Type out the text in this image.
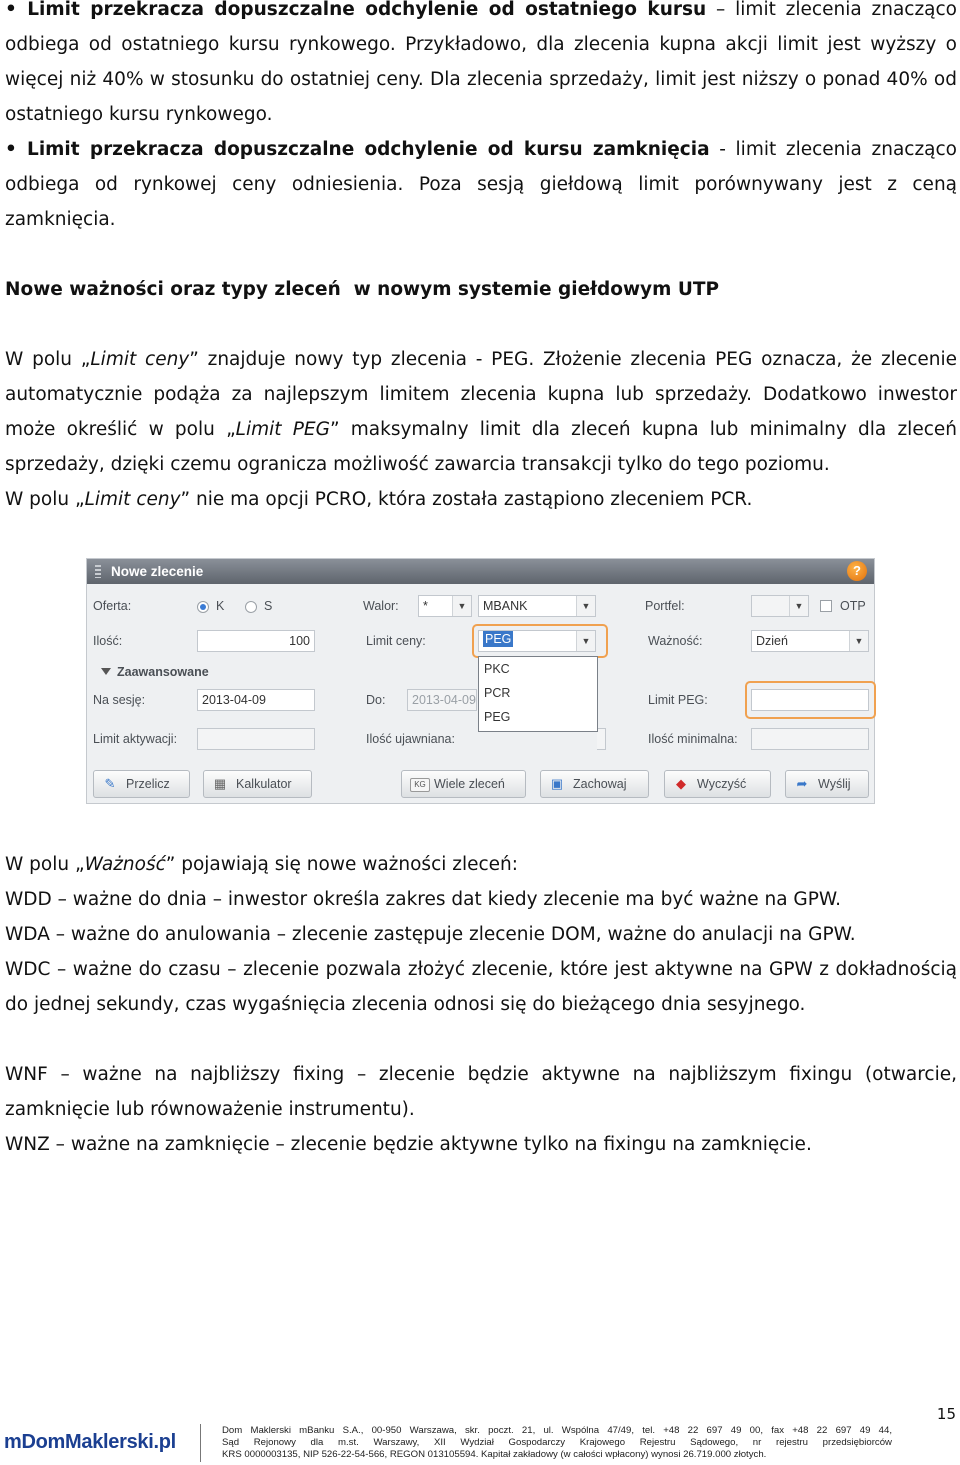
• Limit przekracza dopuszczalne odchylenie od ostatniego kursu – limit zlecenia znacząco odbiega od ostatniego kursu rynkowego. Przykładowo, dla zlecenia kupna akcji limit jest wyższy o więcej niż 40% w stosunku do ostatniej ceny. Dla zlecenia sprzedaży, limit jest niższy o ponad 40% od ostatniego kursu rynkowego.

• Limit przekracza dopuszczalne odchylenie od kursu zamknięcia - limit zlecenia znacząco odbiega od rynkowej ceny odniesienia. Poza sesją giełdową limit porównywany jest z ceną zamknięcia.

Nowe ważności oraz typy zleceń  w nowym systemie giełdowym UTP

W polu „Limit ceny” znajduje nowy typ zlecenia - PEG. Złożenie zlecenia PEG oznacza, że zlecenie automatycznie podąża za najlepszym limitem zlecenia kupna lub sprzedaży. Dodatkowo inwestor może określić w polu „Limit PEG” maksymalny limit dla zleceń kupna lub minimalny dla zleceń sprzedaży, dzięki czemu ogranicza możliwość zawarcia transakcji tylko do tego poziomu.

W polu „Limit ceny” nie ma opcji PCRO, która została zastąpiono zleceniem PCR.

W polu „Ważność” pojawiają się nowe ważności zleceń:

WDD – ważne do dnia – inwestor określa zakres dat kiedy zlecenie ma być ważne na GPW.

WDA – ważne do anulowania – zlecenie zastępuje zlecenie DOM, ważne do anulacji na GPW.

WDC – ważne do czasu – zlecenie pozwala złożyć zlecenie, które jest aktywne na GPW z dokładnością do jednej sekundy, czas wygaśnięcia zlecenia odnosi się do bieżącego dnia sesyjnego.

WNF – ważne na najbliższy fixing – zlecenie będzie aktywne na najbliższym fixingu (otwarcie, zamknięcie lub równoważenie instrumentu).

WNZ – ważne na zamknięcie – zlecenie będzie aktywne tylko na fixingu na zamknięcie.

Nowe zlecenie	?
Oferta:	K	S	Walor:	*	▼	MBANK	▼	Portfel:	▼	OTP
Ilość:	100	Limit ceny:	PEG	▼	Ważność:	Dzień	▼
Zaawansowane
Na sesję:	2013-04-09	Do:	2013-04-09	Limit PEG:
Limit aktywacji:	Ilość ujawniana:	Ilość minimalna:
PKC
PCR
PEG
✎ Przelicz	▦ Kalkulator	KG Wiele zleceń	▣ Zachowaj	◆ Wyczyść	➦ Wyślij
15
mDomMaklerski.pl
Dom Maklerski mBanku S.A., 00-950 Warszawa, skr. poczt. 21, ul. Wspólna 47/49, tel. +48 22 697 49 00, fax +48 22 697 49 44,
Sąd Rejonowy dla m.st. Warszawy, XII Wydział Gospodarczy Krajowego Rejestru Sądowego, nr rejestru przedsiębiorców
KRS 0000003135, NIP 526-22-54-566, REGON 013105594. Kapitał zakładowy (w całości wpłacony) wynosi 26.719.000 złotych.
